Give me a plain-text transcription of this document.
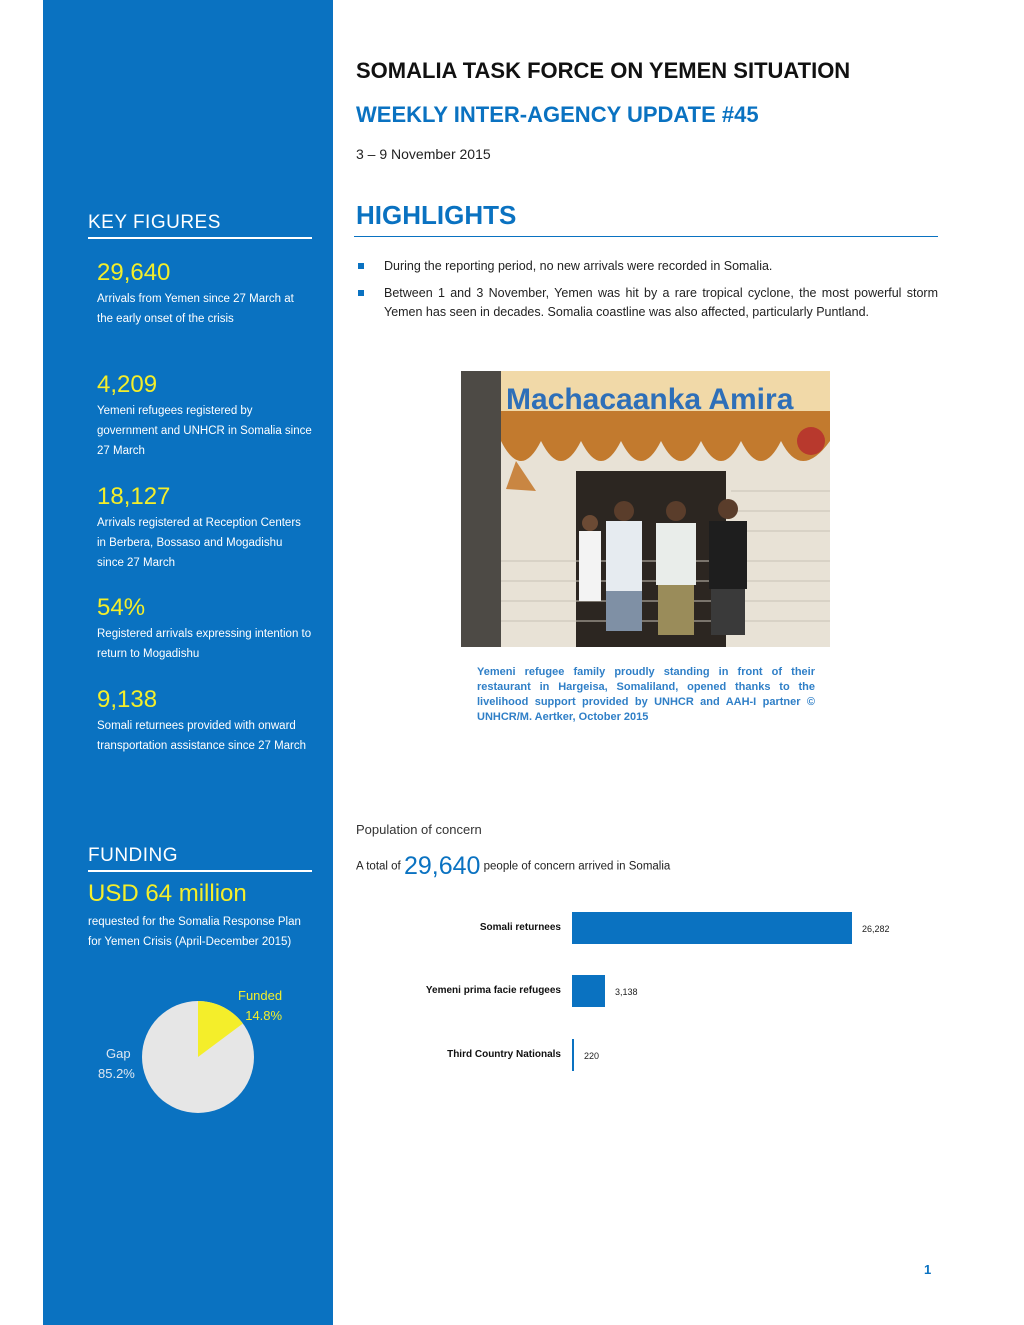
KEY FIGURES
29,640
Arrivals from Yemen since 27 March at the early onset of the crisis
4,209
Yemeni refugees registered by government and UNHCR in Somalia since 27 March
18,127
Arrivals registered at Reception Centers in Berbera, Bossaso and Mogadishu since 27 March
54%
Registered arrivals expressing intention to return to Mogadishu
9,138
Somali returnees provided with onward transportation assistance since 27 March
FUNDING
USD 64 million
requested for the Somalia Response Plan for Yemen Crisis (April-December 2015)
Funded
14.8%
Gap
85.2%
SOMALIA TASK FORCE ON YEMEN SITUATION
WEEKLY INTER-AGENCY UPDATE #45
3 – 9 November 2015
HIGHLIGHTS
During the reporting period, no new arrivals were recorded in Somalia.
Between 1 and 3 November, Yemen was hit by a rare tropical cyclone, the most powerful storm Yemen has seen in decades. Somalia coastline was also affected, particularly Puntland.
Machacaanka Amira
Yemeni refugee family proudly standing in front of their restaurant in Hargeisa, Somaliland, opened thanks to the livelihood support provided by UNHCR and AAH-I partner © UNHCR/M. Aertker, October 2015
Population of concern
A total of 29,640 people of concern arrived in Somalia
Somali returnees	26,282
Yemeni prima facie refugees	3,138
Third Country Nationals	220
1
